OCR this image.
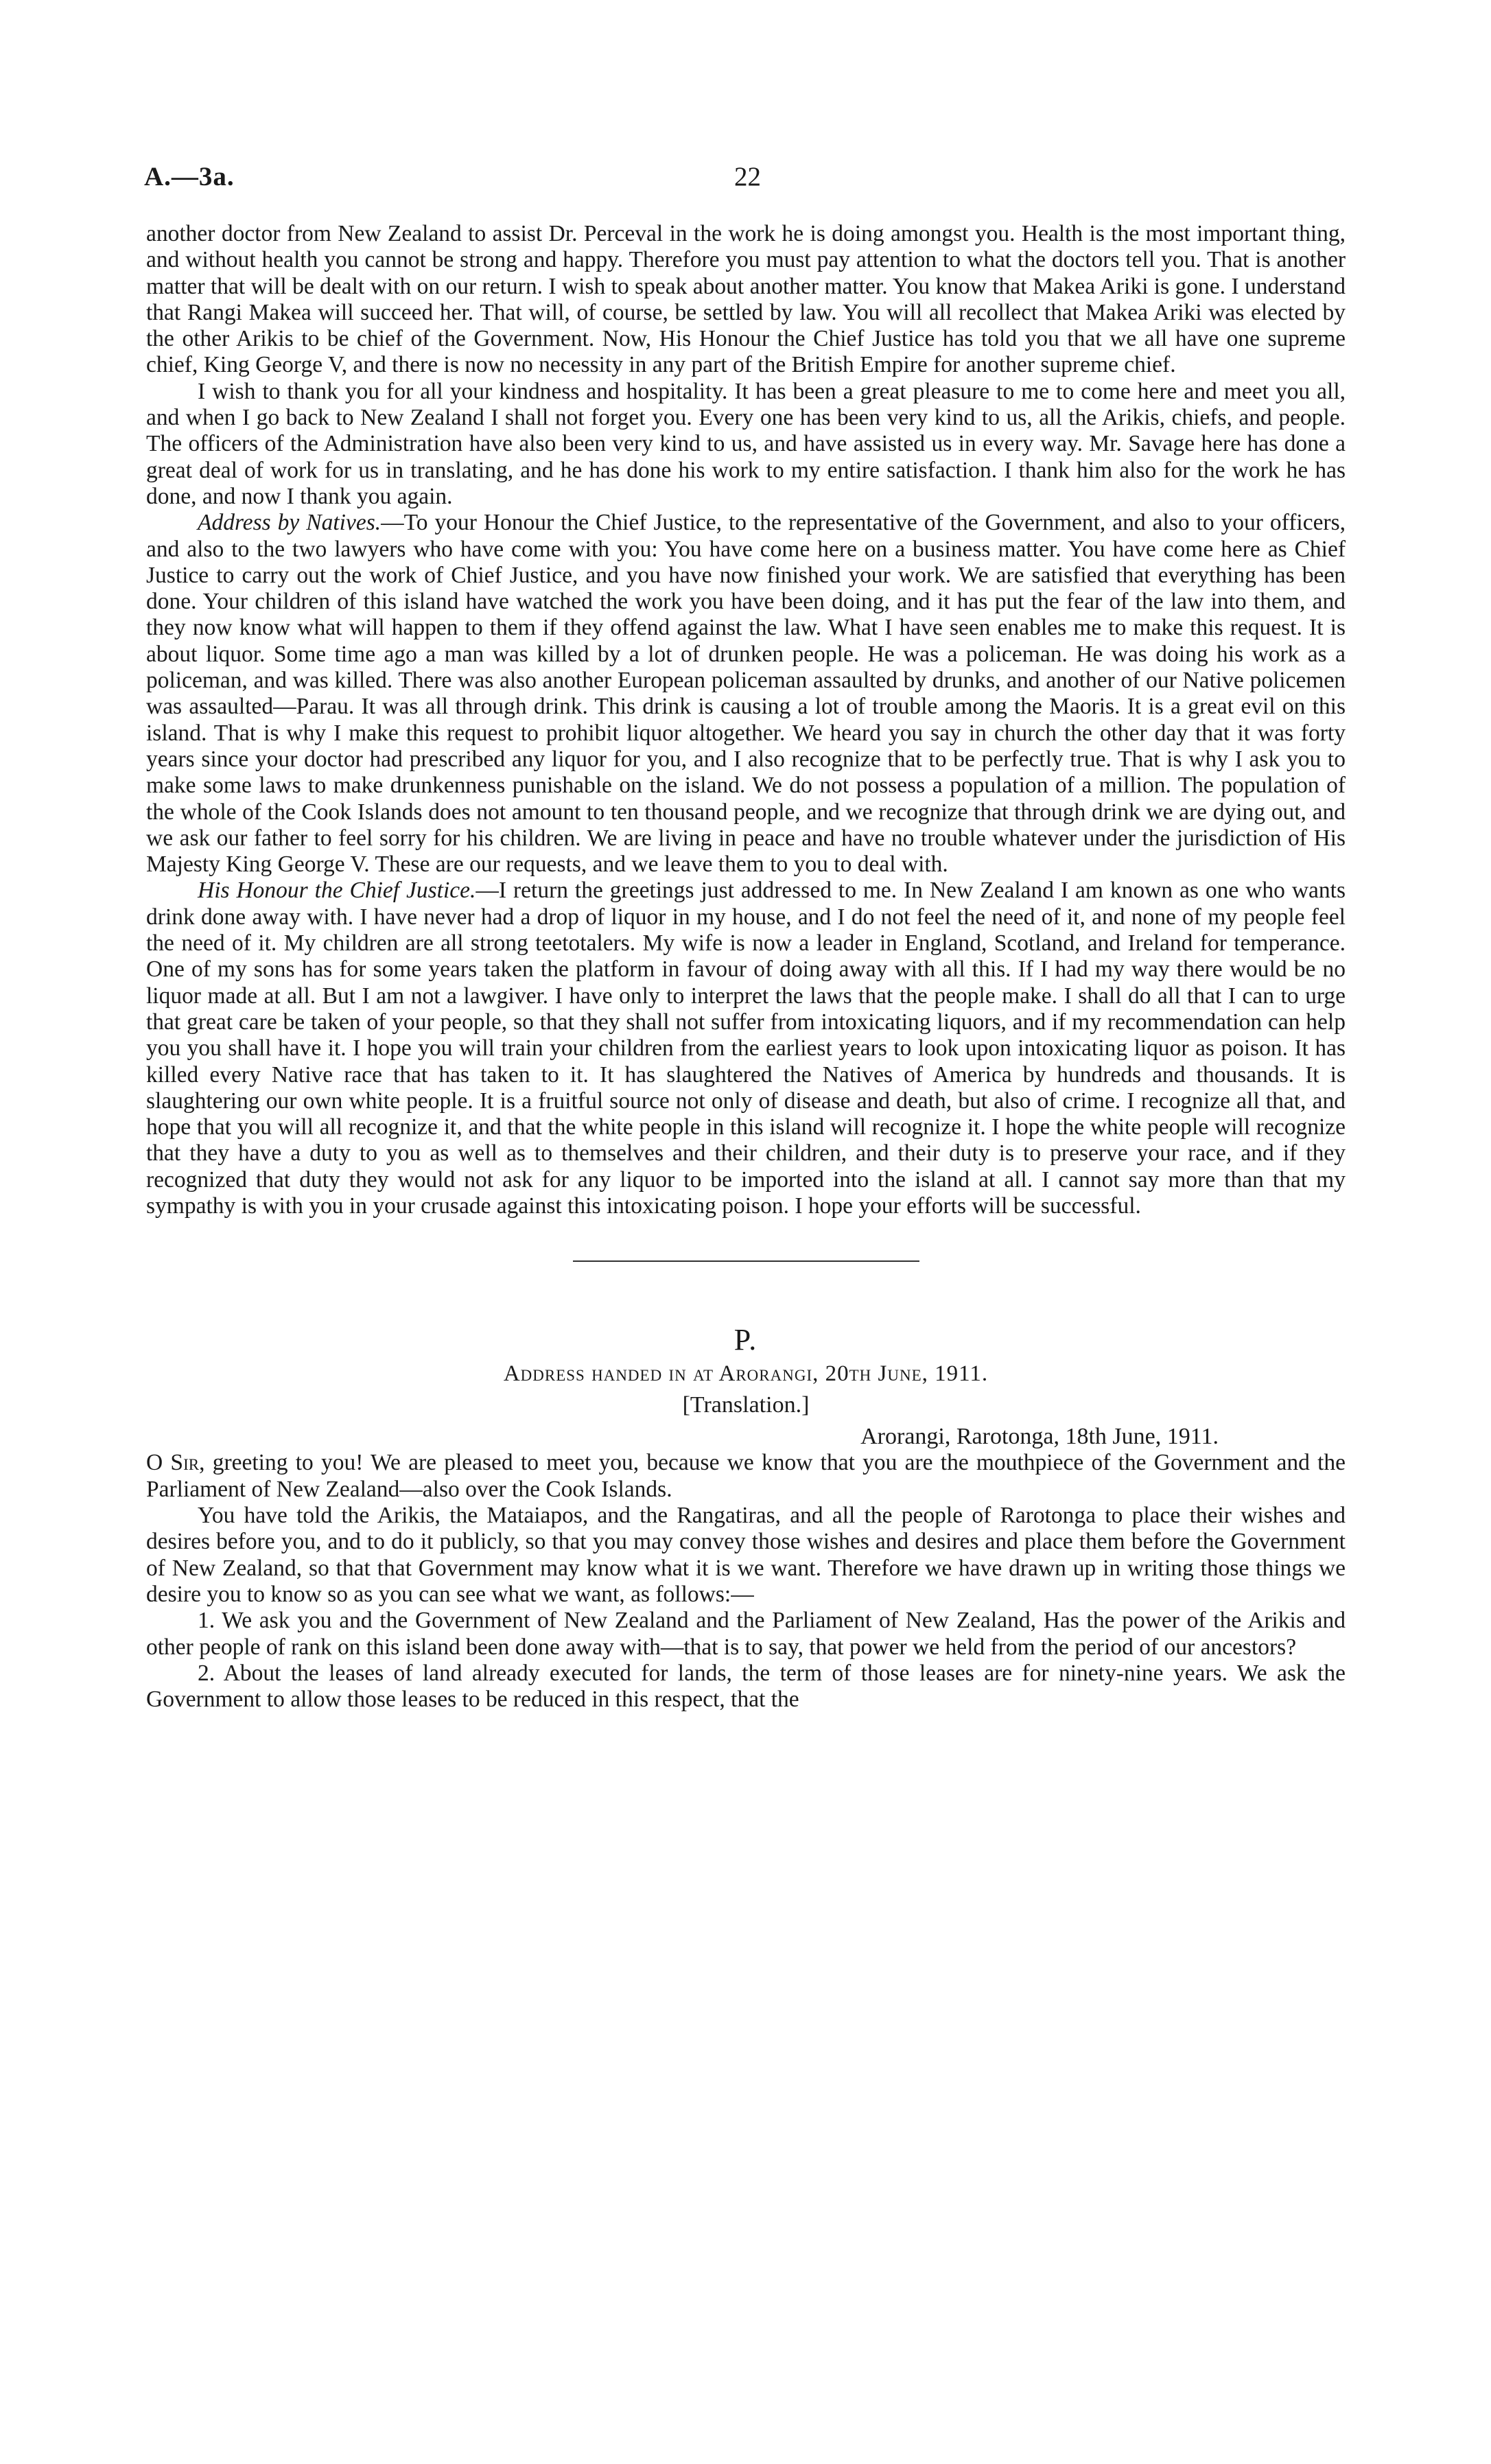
A.—3a.	22

another doctor from New Zealand to assist Dr. Perceval in the work he is doing amongst you. Health is the most important thing, and without health you cannot be strong and happy. Therefore you must pay attention to what the doctors tell you. That is another matter that will be dealt with on our return. I wish to speak about another matter. You know that Makea Ariki is gone. I understand that Rangi Makea will succeed her. That will, of course, be settled by law. You will all recollect that Makea Ariki was elected by the other Arikis to be chief of the Government. Now, His Honour the Chief Justice has told you that we all have one supreme chief, King George V, and there is now no necessity in any part of the British Empire for another supreme chief.

I wish to thank you for all your kindness and hospitality. It has been a great pleasure to me to come here and meet you all, and when I go back to New Zealand I shall not forget you. Every one has been very kind to us, all the Arikis, chiefs, and people. The officers of the Administration have also been very kind to us, and have assisted us in every way. Mr. Savage here has done a great deal of work for us in translating, and he has done his work to my entire satisfaction. I thank him also for the work he has done, and now I thank you again.

Address by Natives.—To your Honour the Chief Justice, to the representative of the Government, and also to your officers, and also to the two lawyers who have come with you: You have come here on a business matter. You have come here as Chief Justice to carry out the work of Chief Justice, and you have now finished your work. We are satisfied that everything has been done. Your children of this island have watched the work you have been doing, and it has put the fear of the law into them, and they now know what will happen to them if they offend against the law. What I have seen enables me to make this request. It is about liquor. Some time ago a man was killed by a lot of drunken people. He was a policeman. He was doing his work as a policeman, and was killed. There was also another European policeman assaulted by drunks, and another of our Native policemen was assaulted—Parau. It was all through drink. This drink is causing a lot of trouble among the Maoris. It is a great evil on this island. That is why I make this request to prohibit liquor altogether. We heard you say in church the other day that it was forty years since your doctor had prescribed any liquor for you, and I also recognize that to be perfectly true. That is why I ask you to make some laws to make drunkenness punishable on the island. We do not possess a population of a million. The population of the whole of the Cook Islands does not amount to ten thousand people, and we recognize that through drink we are dying out, and we ask our father to feel sorry for his children. We are living in peace and have no trouble whatever under the jurisdiction of His Majesty King George V. These are our requests, and we leave them to you to deal with.

His Honour the Chief Justice.—I return the greetings just addressed to me. In New Zealand I am known as one who wants drink done away with. I have never had a drop of liquor in my house, and I do not feel the need of it, and none of my people feel the need of it. My children are all strong teetotalers. My wife is now a leader in England, Scotland, and Ireland for temperance. One of my sons has for some years taken the platform in favour of doing away with all this. If I had my way there would be no liquor made at all. But I am not a lawgiver. I have only to interpret the laws that the people make. I shall do all that I can to urge that great care be taken of your people, so that they shall not suffer from intoxicating liquors, and if my recommendation can help you you shall have it. I hope you will train your children from the earliest years to look upon intoxicating liquor as poison. It has killed every Native race that has taken to it. It has slaughtered the Natives of America by hundreds and thousands. It is slaughtering our own white people. It is a fruitful source not only of disease and death, but also of crime. I recognize all that, and hope that you will all recognize it, and that the white people in this island will recognize it. I hope the white people will recognize that they have a duty to you as well as to themselves and their children, and their duty is to preserve your race, and if they recognized that duty they would not ask for any liquor to be imported into the island at all. I cannot say more than that my sympathy is with you in your crusade against this intoxicating poison. I hope your efforts will be successful.

P.
Address handed in at Arorangi, 20th June, 1911.
[Translation.]
Arorangi, Rarotonga, 18th June, 1911.

O Sir, greeting to you! We are pleased to meet you, because we know that you are the mouthpiece of the Government and the Parliament of New Zealand—also over the Cook Islands.

You have told the Arikis, the Mataiapos, and the Rangatiras, and all the people of Rarotonga to place their wishes and desires before you, and to do it publicly, so that you may convey those wishes and desires and place them before the Government of New Zealand, so that that Government may know what it is we want. Therefore we have drawn up in writing those things we desire you to know so as you can see what we want, as follows:—

1. We ask you and the Government of New Zealand and the Parliament of New Zealand, Has the power of the Arikis and other people of rank on this island been done away with—that is to say, that power we held from the period of our ancestors?

2. About the leases of land already executed for lands, the term of those leases are for ninety-nine years. We ask the Government to allow those leases to be reduced in this respect, that the
